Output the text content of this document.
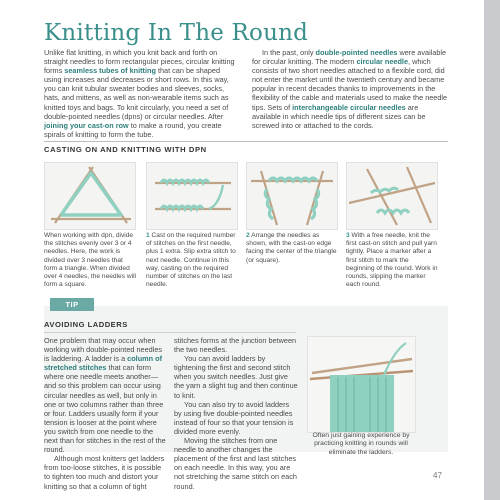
Knitting In The Round

Unlike flat knitting, in which you knit back and forth on straight needles to form rectangular pieces, circular knitting forms seamless tubes of knitting that can be shaped using increases and decreases or short rows. In this way, you can knit tubular sweater bodies and sleeves, socks, hats, and mittens, as well as non-wearable items such as knitted toys and bags. To knit circularly, you need a set of double-pointed needles (dpns) or circular needles. After joining your cast-on row to make a round, you create spirals of knitting to form the tube.

In the past, only double-pointed needles were available for circular knitting. The modern circular needle, which consists of two short needles attached to a flexible cord, did not enter the market until the twentieth century and became popular in recent decades thanks to improvements in the flexibility of the cable and materials used to make the needle tips. Sets of interchangeable circular needles are available in which needle tips of different sizes can be screwed into or attached to the cords.

CASTING ON AND KNITTING WITH DPN
When working with dpn, divide the stitches evenly over 3 or 4 needles. Here, the work is divided over 3 needles that form a triangle. When divided over 4 needles, the needles will form a square.
1 Cast on the required number of stitches on the first needle, plus 1 extra. Slip extra stitch to next needle. Continue in this way, casting on the required number of stitches on the last needle.
2 Arrange the needles as shown, with the cast-on edge facing the center of the triangle (or square).
3 With a free needle, knit the first cast-on stitch and pull yarn tightly. Place a marker after a first stitch to mark the beginning of the round. Work in rounds, slipping the marker each round.
TIP
AVOIDING LADDERS

One problem that may occur when working with double-pointed needles is laddering. A ladder is a column of stretched stitches that can form where one needle meets another—and so this problem can occur using circular needles as well, but only in one or two columns rather than three or four. Ladders usually form if your tension is looser at the point where you switch from one needle to the next than for stitches in the rest of the round.

Although most knitters get ladders from too-loose stitches, it is possible to tighten too much and distort your knitting so that a column of tight

stitches forms at the junction between the two needles.

You can avoid ladders by tightening the first and second stitch when you switch needles. Just give the yarn a slight tug and then continue to knit.

You can also try to avoid ladders by using five double-pointed needles instead of four so that your tension is divided more evenly.

Moving the stitches from one needle to another changes the placement of the first and last stitches on each needle. In this way, you are not stretching the same stitch on each round.

Often just gaining experience by practicing knitting in rounds will eliminate the ladders.
47
